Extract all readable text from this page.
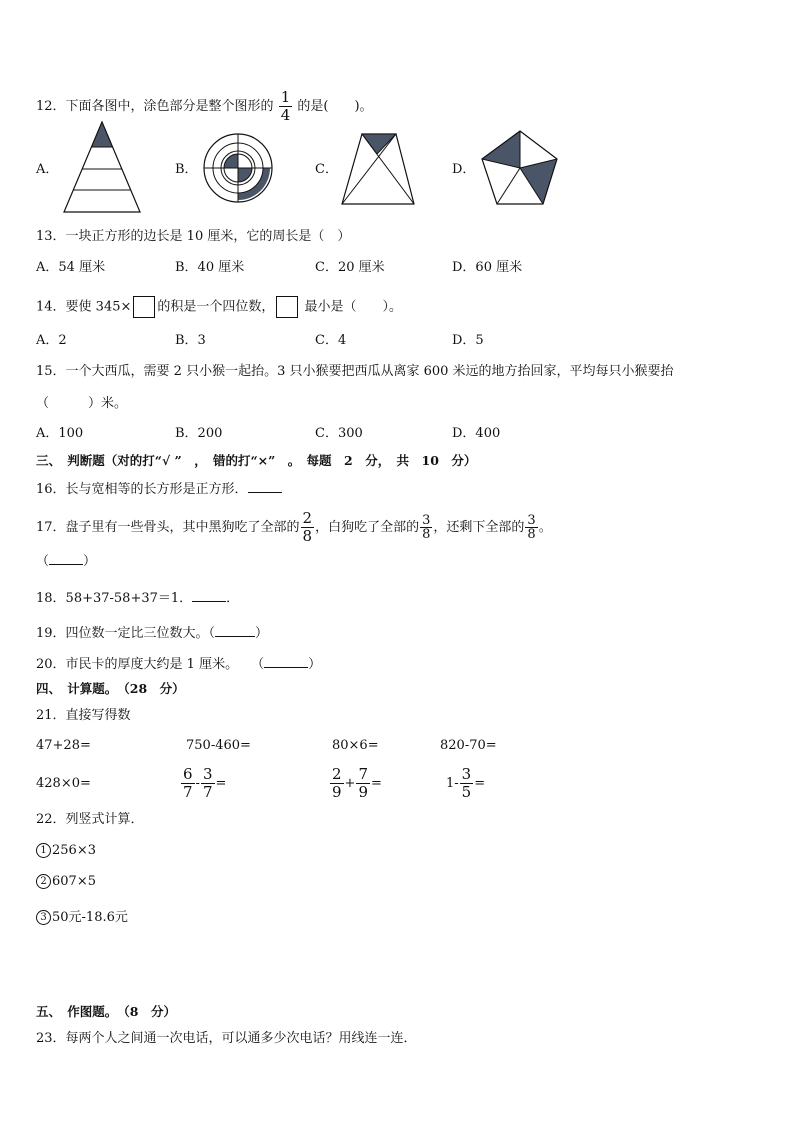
12．下面各图中，涂色部分是整个图形的 $\frac{1}{4}$ 的是(　　)。
A．	B．	C．	D．
13．一块正方形的边长是 10 厘米，它的周长是（　）
A．54 厘米	B．40 厘米	C．20 厘米	D．60 厘米
14．要使 345× 的积是一个四位数， 最小是（　　）。
A．2	B．3	C．4	D．5
15．一个大西瓜，需要 2 只小猴一起抬。3 只小猴要把西瓜从离家 600 米远的地方抬回家，平均每只小猴要抬
（　　　）米。
A．100	B．200	C．300	D．400
三、　判断题（对的打“√ ”　，　错的打“×”　。　每题　2　分，　共　10　分）
16．长与宽相等的长方形是正方形．
17．盘子里有一些骨头，其中黑狗吃了全部的 $\frac{2}{8}$ ，白狗吃了全部的 $\frac{3}{8}$ ，还剩下全部的 $\frac{3}{8}$ 。
（	）
18．58+37-58+37＝1．	．
19．四位数一定比三位数大。（	）
20．市民卡的厚度大约是 1 厘米。　　（	）
四、　计算题。　（28　分）
21．直接写得数
47+28=	750-460=	80×6=	820-70=
428×0=	$\frac{6}{7} - \frac{3}{7}$ =	$\frac{2}{9} + \frac{7}{9}$ =	$1- \frac{3}{5}$ =
22．列竖式计算．
1 256×3
2 607×5
3 50元-18.6元
五、　作图题。　（8　分）
23．每两个人之间通一次电话，可以通多少次电话？用线连一连．
